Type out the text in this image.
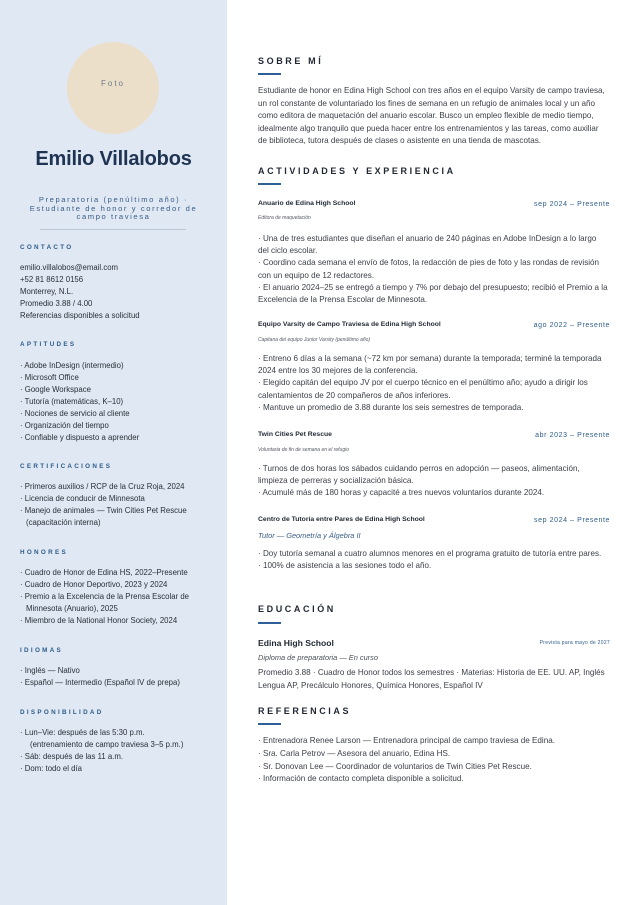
Foto
Emilio Villalobos
Preparatoria (penúltimo año) ·
Estudiante de honor y corredor de
campo traviesa
CONTACTO
emilio.villalobos@email.com
+52 81 8612 0156
Monterrey, N.L.
Promedio 3.88 / 4.00
Referencias disponibles a solicitud
APTITUDES
· Adobe InDesign (intermedio)
· Microsoft Office
· Google Workspace
· Tutoría (matemáticas, K–10)
· Nociones de servicio al cliente
· Organización del tiempo
· Confiable y dispuesto a aprender
CERTIFICACIONES
· Primeros auxilios / RCP de la Cruz Roja, 2024
· Licencia de conducir de Minnesota
· Manejo de animales — Twin Cities Pet Rescue (capacitación interna)
HONORES
· Cuadro de Honor de Edina HS, 2022–Presente
· Cuadro de Honor Deportivo, 2023 y 2024
· Premio a la Excelencia de la Prensa Escolar de Minnesota (Anuario), 2025
· Miembro de la National Honor Society, 2024
IDIOMAS
· Inglés — Nativo
· Español — Intermedio (Español IV de prepa)
DISPONIBILIDAD
· Lun–Vie: después de las 5:30 p.m.
(entrenamiento de campo traviesa 3–5 p.m.)
· Sáb: después de las 11 a.m.
· Dom: todo el día
SOBRE MÍ
Estudiante de honor en Edina High School con tres años en el equipo Varsity de campo traviesa, un rol constante de voluntariado los fines de semana en un refugio de animales local y un año como editora de maquetación del anuario escolar. Busco un empleo flexible de medio tiempo, idealmente algo tranquilo que pueda hacer entre los entrenamientos y las tareas, como auxiliar de biblioteca, tutora después de clases o asistente en una tienda de mascotas.
ACTIVIDADES Y EXPERIENCIA
Anuario de Edina High School	sep 2024 – Presente
Editora de maquetación
· Una de tres estudiantes que diseñan el anuario de 240 páginas en Adobe InDesign a lo largo del ciclo escolar.
· Coordino cada semana el envío de fotos, la redacción de pies de foto y las rondas de revisión con un equipo de 12 redactores.
· El anuario 2024–25 se entregó a tiempo y 7% por debajo del presupuesto; recibió el Premio a la Excelencia de la Prensa Escolar de Minnesota.
Equipo Varsity de Campo Traviesa de Edina High School	ago 2022 – Presente
Capitana del equipo Junior Varsity (penúltimo año)
· Entreno 6 días a la semana (~72 km por semana) durante la temporada; terminé la temporada 2024 entre los 30 mejores de la conferencia.
· Elegido capitán del equipo JV por el cuerpo técnico en el penúltimo año; ayudo a dirigir los calentamientos de 20 compañeros de años inferiores.
· Mantuve un promedio de 3.88 durante los seis semestres de temporada.
Twin Cities Pet Rescue	abr 2023 – Presente
Voluntaria de fin de semana en el refugio
· Turnos de dos horas los sábados cuidando perros en adopción — paseos, alimentación, limpieza de perreras y socialización básica.
· Acumulé más de 180 horas y capacité a tres nuevos voluntarios durante 2024.
Centro de Tutoría entre Pares de Edina High School	sep 2024 – Presente
Tutor — Geometría y Álgebra II
· Doy tutoría semanal a cuatro alumnos menores en el programa gratuito de tutoría entre pares.
· 100% de asistencia a las sesiones todo el año.
EDUCACIÓN
Edina High School	Prevista para mayo de 2027
Diploma de preparatoria — En curso
Promedio 3.88 · Cuadro de Honor todos los semestres · Materias: Historia de EE. UU. AP, Inglés Lengua AP, Precálculo Honores, Química Honores, Español IV
REFERENCIAS
· Entrenadora Renee Larson — Entrenadora principal de campo traviesa de Edina.
· Sra. Carla Petrov — Asesora del anuario, Edina HS.
· Sr. Donovan Lee — Coordinador de voluntarios de Twin Cities Pet Rescue.
· Información de contacto completa disponible a solicitud.
